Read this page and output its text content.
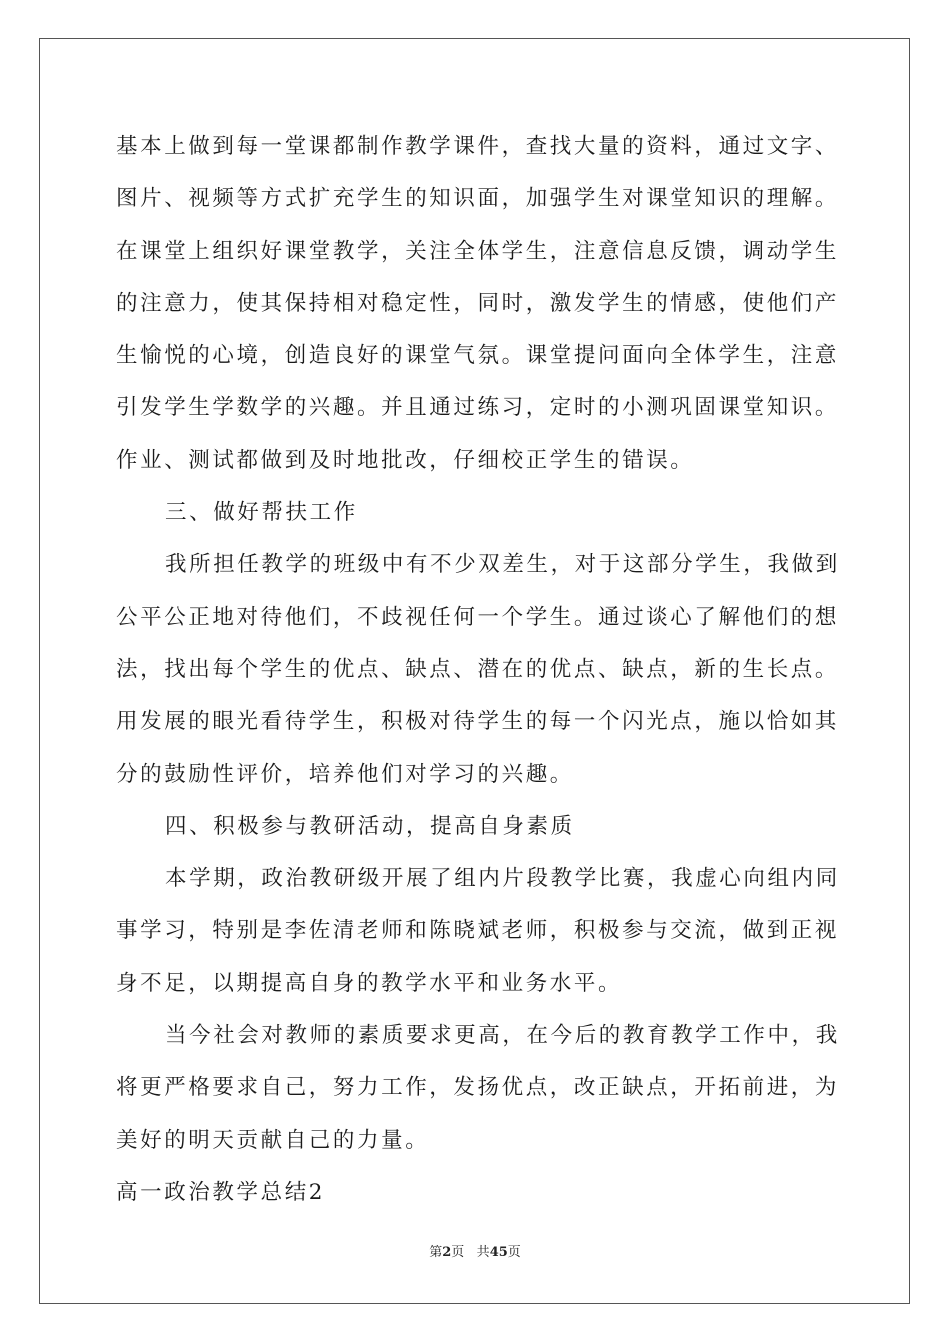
基本上做到每一堂课都制作教学课件，查找大量的资料，通过文字、
图片、视频等方式扩充学生的知识面，加强学生对课堂知识的理解。
在课堂上组织好课堂教学，关注全体学生，注意信息反馈，调动学生
的注意力，使其保持相对稳定性，同时，激发学生的情感，使他们产
生愉悦的心境，创造良好的课堂气氛。课堂提问面向全体学生，注意
引发学生学数学的兴趣。并且通过练习，定时的小测巩固课堂知识。
作业、测试都做到及时地批改，仔细校正学生的错误。
三、做好帮扶工作
我所担任教学的班级中有不少双差生，对于这部分学生，我做到
公平公正地对待他们，不歧视任何一个学生。通过谈心了解他们的想
法，找出每个学生的优点、缺点、潜在的优点、缺点，新的生长点。
用发展的眼光看待学生，积极对待学生的每一个闪光点，施以恰如其
分的鼓励性评价，培养他们对学习的兴趣。
四、积极参与教研活动，提高自身素质
本学期，政治教研级开展了组内片段教学比赛，我虚心向组内同
事学习，特别是李佐清老师和陈晓斌老师，积极参与交流，做到正视
身不足，以期提高自身的教学水平和业务水平。
当今社会对教师的素质要求更高，在今后的教育教学工作中，我
将更严格要求自己，努力工作，发扬优点，改正缺点，开拓前进，为
美好的明天贡献自己的力量。
高一政治教学总结2
第2页 共45页
